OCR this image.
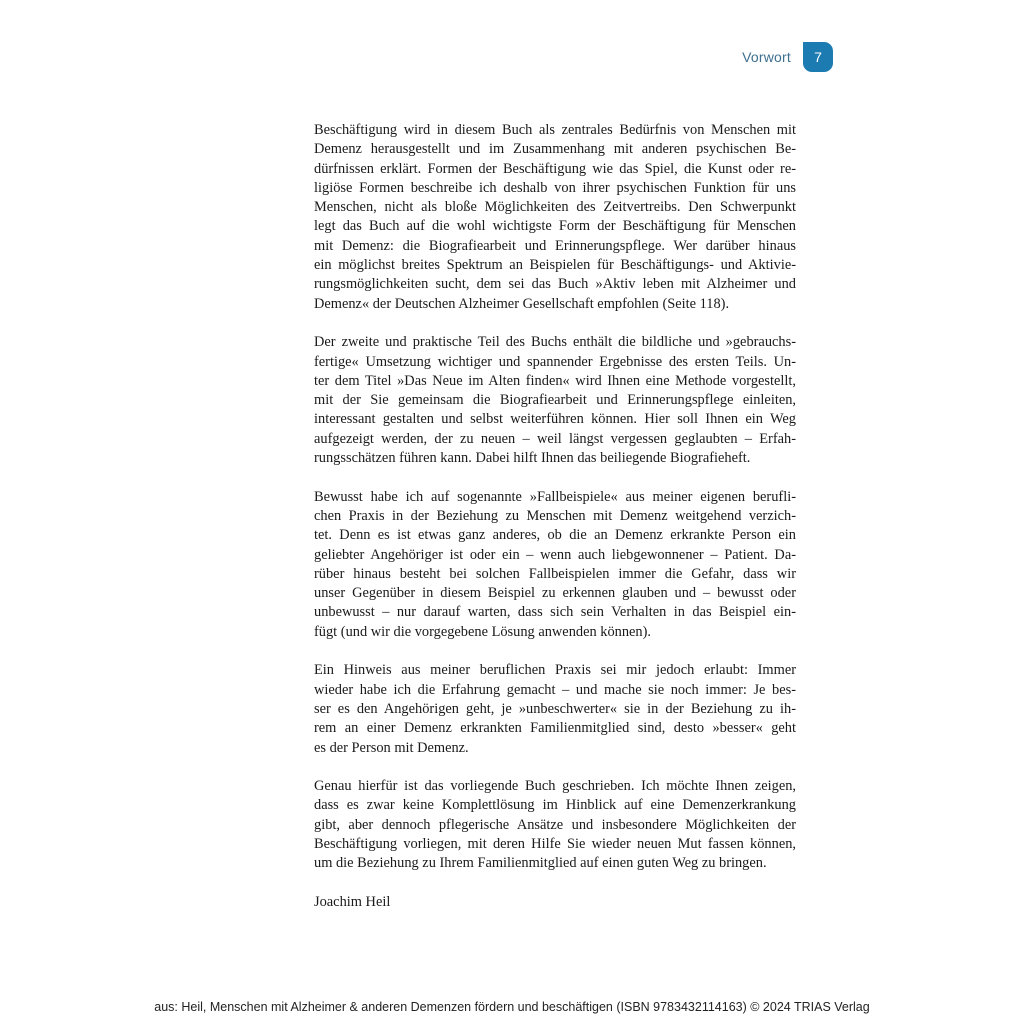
Vorwort	7
Beschäftigung wird in diesem Buch als zentrales Bedürfnis von Menschen mit
Demenz herausgestellt und im Zusammenhang mit anderen psychischen Be-
dürfnissen erklärt. Formen der Beschäftigung wie das Spiel, die Kunst oder re-
ligiöse Formen beschreibe ich deshalb von ihrer psychischen Funktion für uns
Menschen, nicht als bloße Möglichkeiten des Zeitvertreibs. Den Schwerpunkt
legt das Buch auf die wohl wichtigste Form der Beschäftigung für Menschen
mit Demenz: die Biografiearbeit und Erinnerungspflege. Wer darüber hinaus
ein möglichst breites Spektrum an Beispielen für Beschäftigungs- und Aktivie-
rungsmöglichkeiten sucht, dem sei das Buch »Aktiv leben mit Alzheimer und
Demenz« der Deutschen Alzheimer Gesellschaft empfohlen (Seite 118).
Der zweite und praktische Teil des Buchs enthält die bildliche und »gebrauchs-
fertige« Umsetzung wichtiger und spannender Ergebnisse des ersten Teils. Un-
ter dem Titel »Das Neue im Alten finden« wird Ihnen eine Methode vorgestellt,
mit der Sie gemeinsam die Biografiearbeit und Erinnerungspflege einleiten,
interessant gestalten und selbst weiterführen können. Hier soll Ihnen ein Weg
aufgezeigt werden, der zu neuen – weil längst vergessen geglaubten – Erfah-
rungsschätzen führen kann. Dabei hilft Ihnen das beiliegende Biografieheft.
Bewusst habe ich auf sogenannte »Fallbeispiele« aus meiner eigenen berufli-
chen Praxis in der Beziehung zu Menschen mit Demenz weitgehend verzich-
tet. Denn es ist etwas ganz anderes, ob die an Demenz erkrankte Person ein
geliebter Angehöriger ist oder ein – wenn auch liebgewonnener – Patient. Da-
rüber hinaus besteht bei solchen Fallbeispielen immer die Gefahr, dass wir
unser Gegenüber in diesem Beispiel zu erkennen glauben und – bewusst oder
unbewusst – nur darauf warten, dass sich sein Verhalten in das Beispiel ein-
fügt (und wir die vorgegebene Lösung anwenden können).
Ein Hinweis aus meiner beruflichen Praxis sei mir jedoch erlaubt: Immer
wieder habe ich die Erfahrung gemacht – und mache sie noch immer: Je bes-
ser es den Angehörigen geht, je »unbeschwerter« sie in der Beziehung zu ih-
rem an einer Demenz erkrankten Familienmitglied sind, desto »besser« geht
es der Person mit Demenz.
Genau hierfür ist das vorliegende Buch geschrieben. Ich möchte Ihnen zeigen,
dass es zwar keine Komplettlösung im Hinblick auf eine Demenzerkrankung
gibt, aber dennoch pflegerische Ansätze und insbesondere Möglichkeiten der
Beschäftigung vorliegen, mit deren Hilfe Sie wieder neuen Mut fassen können,
um die Beziehung zu Ihrem Familienmitglied auf einen guten Weg zu bringen.
Joachim Heil
aus: Heil, Menschen mit Alzheimer & anderen Demenzen fördern und beschäftigen (ISBN 9783432114163) © 2024 TRIAS Verlag
